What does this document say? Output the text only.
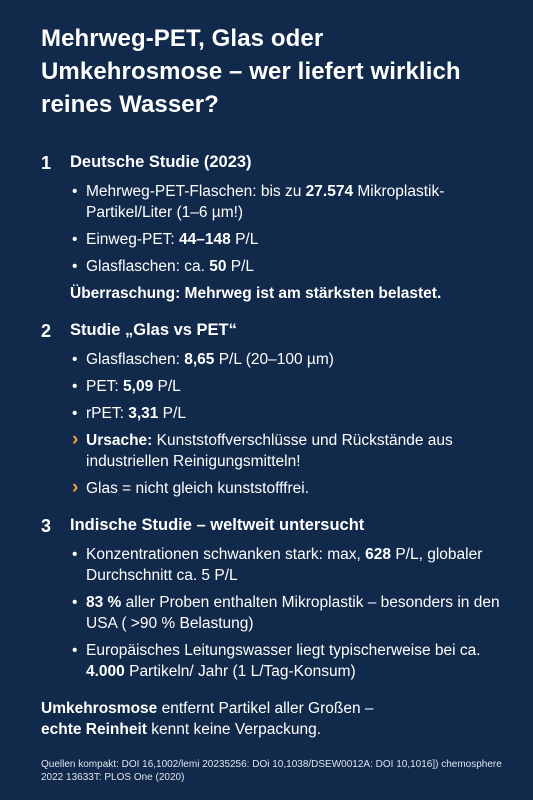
Mehrweg-PET, Glas oder Umkehrosmose – wer liefert wirklich reines Wasser?
1 Deutsche Studie (2023)
• Mehrweg-PET-Flaschen: bis zu 27.574 Mikroplastik-Partikel/Liter (1–6 µm!)
• Einweg-PET: 44–148 P/L
• Glasflaschen: ca. 50 P/L
Überraschung: Mehrweg ist am stärksten belastet.
2 Studie „Glas vs PET“
• Glasflaschen: 8,65 P/L (20–100 µm)
• PET: 5,09 P/L
• rPET: 3,31 P/L
› Ursache: Kunststoffverschlüsse und Rückstände aus industriellen Reinigungsmitteln!
› Glas = nicht gleich kunststofffrei.
3 Indische Studie – weltweit untersucht
• Konzentrationen schwanken stark: max, 628 P/L, globaler Durchschnitt ca. 5 P/L
• 83 % aller Proben enthalten Mikroplastik – besonders in den USA ( >90 % Belastung)
• Europäisches Leitungswasser liegt typischerweise bei ca. 4.000 Partikeln/ Jahr (1 L/Tag-Konsum)
Umkehrosmose entfernt Partikel aller Großen –
echte Reinheit kennt keine Verpackung.
Quellen kompakt: DOI 16,1002/lemi 20235256: DOi 10,1038/DSEW0012A: DOI 10,1016]) chemosphere 2022 13633T: PLOS One (2020)
